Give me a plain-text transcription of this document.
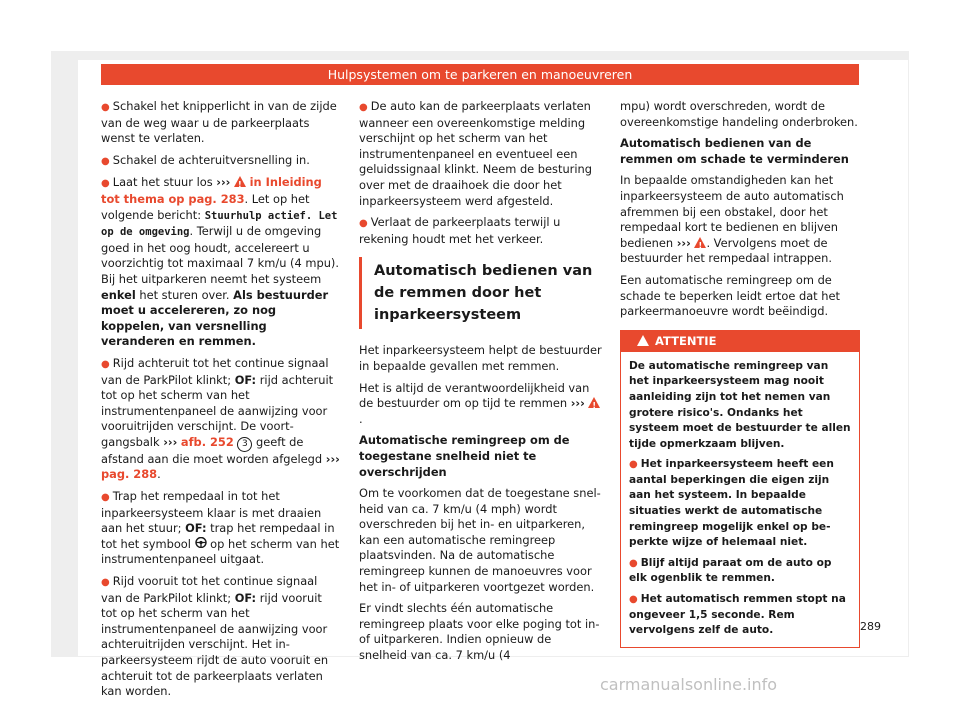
Hulpsystemen om te parkeren en manoeuvreren

● Schakel het knipperlicht in van de zijde van de weg waar u de parkeerplaats wenst te verlaten.

● Schakel de achteruitversnelling in.

● Laat het stuur los ››› ! in Inleiding tot thema op pag. 283. Let op het volgende bericht: Stuurhulp actief. Let op de omgeving. Terwijl u de omgeving goed in het oog houdt, accelereert u voorzichtig tot maximaal 7 km/u (4 mpu). Bij het uitparkeren neemt het systeem enkel het sturen over. Als bestuurder moet u accelereren, zo nog koppelen, van versnelling veranderen en remmen.

● Rijd achteruit tot het continue signaal van de ParkPilot klinkt; OF: rijd achteruit tot op het scherm van het instrumentenpaneel de aanwijzing voor vooruitrijden verschijnt. De voortgangsbalk ››› afb. 252 3 geeft de afstand aan die moet worden afgelegd ››› pag. 288.

● Trap het rempedaal in tot het inparkeersysteem klaar is met draaien aan het stuur; OF: trap het rempedaal in tot het symbool  op het scherm van het instrumentenpaneel uitgaat.

● Rijd vooruit tot het continue signaal van de ParkPilot klinkt; OF: rijd vooruit tot op het scherm van het instrumentenpaneel de aanwijzing voor achteruitrijden verschijnt. Het inparkeersysteem rijdt de auto vooruit en achteruit tot de parkeerplaats verlaten kan worden.

● De auto kan de parkeerplaats verlaten wanneer een overeenkomstige melding verschijnt op het scherm van het instrumentenpaneel en eventueel een geluidssignaal klinkt. Neem de besturing over met de draaihoek die door het inparkeersysteem werd afgesteld.

● Verlaat de parkeerplaats terwijl u rekening houdt met het verkeer.

Automatisch bedienen van de remmen door het inparkeersysteem

Het inparkeersysteem helpt de bestuurder in bepaalde gevallen met remmen.

Het is altijd de verantwoordelijkheid van de bestuurder om op tijd te remmen ››› !.

Automatische remingreep om de toegestane snelheid niet te overschrijden

Om te voorkomen dat de toegestane snelheid van ca. 7 km/u (4 mph) wordt overschreden bij het in- en uitparkeren, kan een automatische remingreep plaatsvinden. Na de automatische remingreep kunnen de manoeuvres voor het in- of uitparkeren voortgezet worden.

Er vindt slechts één automatische remingreep plaats voor elke poging tot in- of uitparkeren. Indien opnieuw de snelheid van ca. 7 km/u (4

mpu) wordt overschreden, wordt de overeenkomstige handeling onderbroken.

Automatisch bedienen van de remmen om schade te verminderen

In bepaalde omstandigheden kan het inparkeersysteem de auto automatisch afremmen bij een obstakel, door het rempedaal kort te bedienen en blijven bedienen ››› ! . Vervolgens moet de bestuurder het rempedaal intrappen.

Een automatische remingreep om de schade te beperken leidt ertoe dat het parkeermanoeuvre wordt beëindigd.

ATTENTIE

De automatische remingreep van het inparkeersysteem mag nooit aanleiding zijn tot het nemen van grotere risico's. Ondanks het systeem moet de bestuurder te allen tijde opmerkzaam blijven.

● Het inparkeersysteem heeft een aantal beperkingen die eigen zijn aan het systeem. In bepaalde situaties werkt de automatische remingreep mogelijk enkel op beperkte wijze of helemaal niet.

● Blijf altijd paraat om de auto op elk ogenblik te remmen.

● Het automatisch remmen stopt na ongeveer 1,5 seconde. Rem vervolgens zelf de auto.	289
carmanualsonline.info
